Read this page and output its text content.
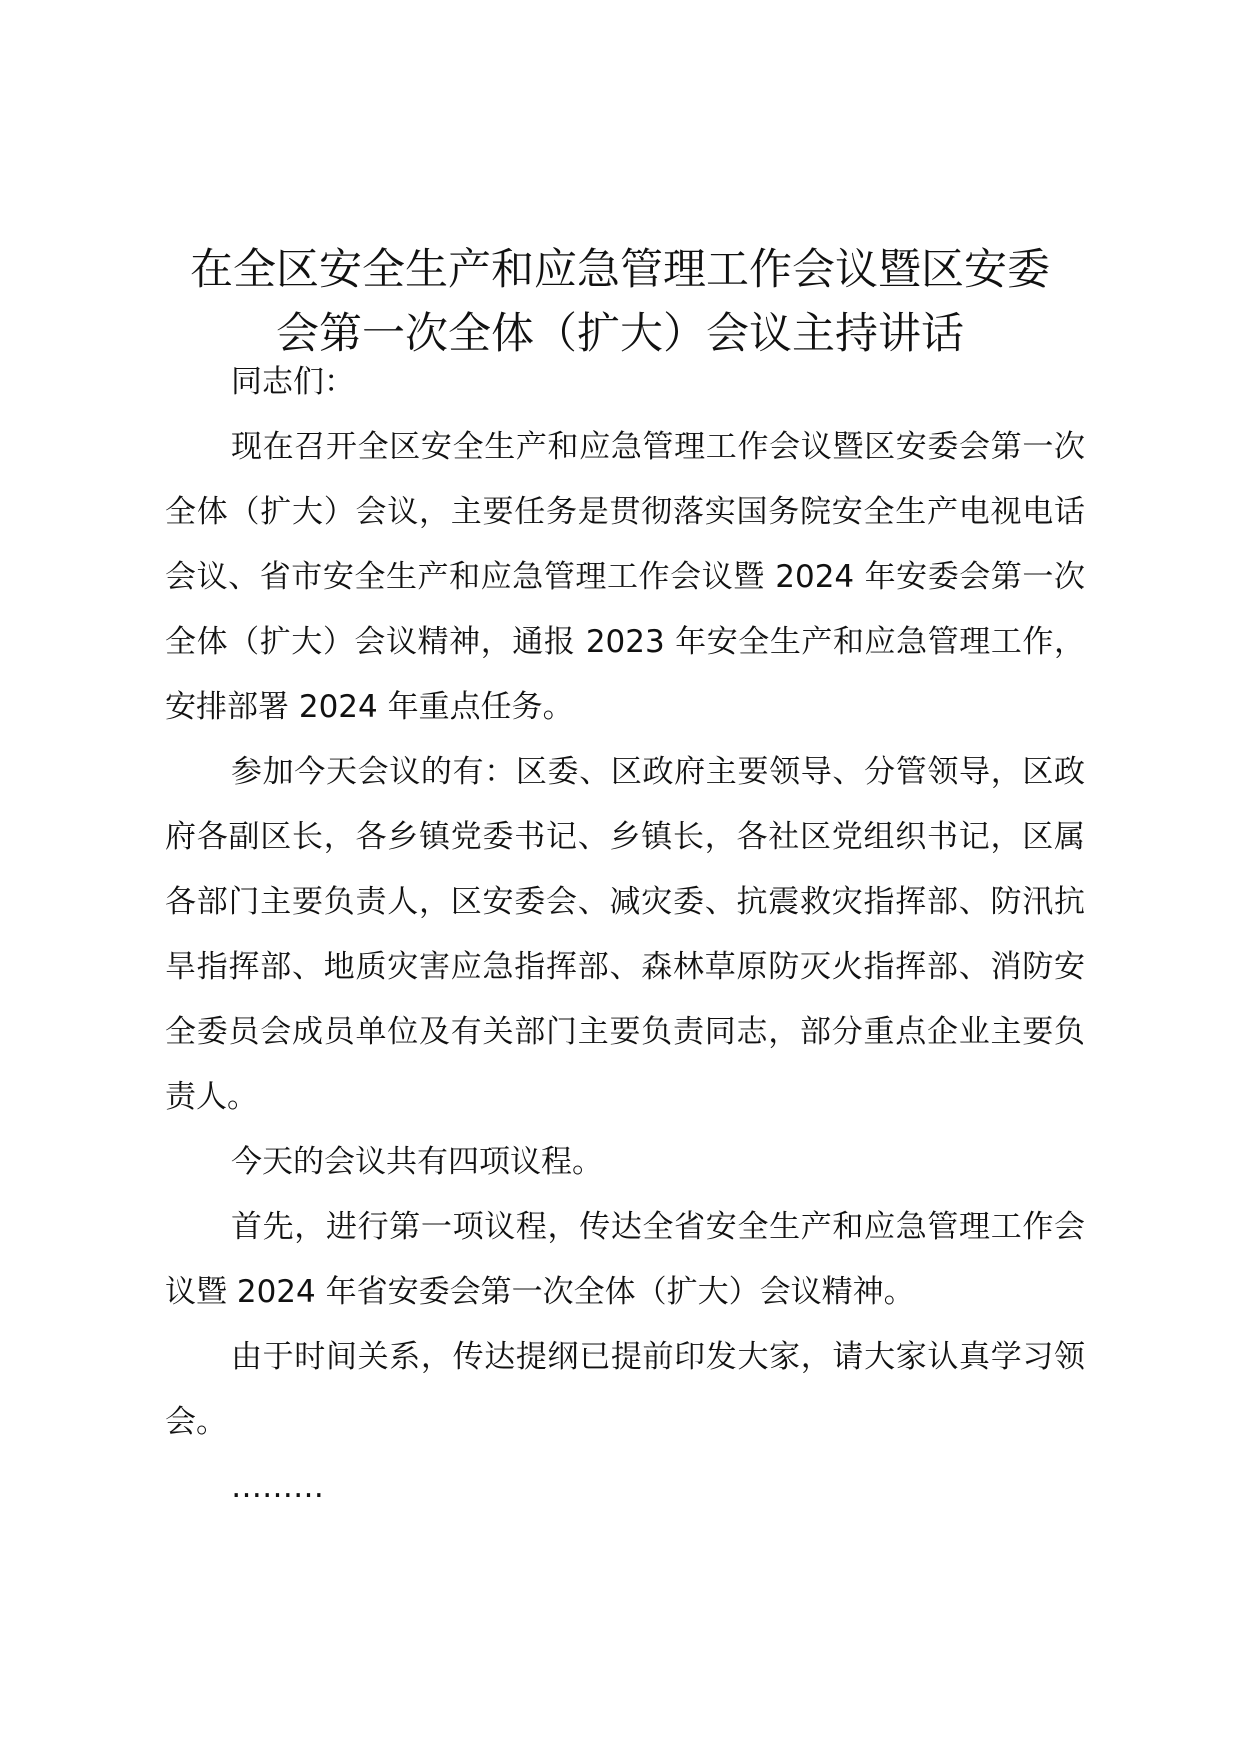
在全区安全生产和应急管理工作会议暨区安委
会第一次全体（扩大）会议主持讲话

同志们：

现在召开全区安全生产和应急管理工作会议暨区安委会第一次全体（扩大）会议，主要任务是贯彻落实国务院安全生产电视电话会议、省市安全生产和应急管理工作会议暨 2024 年安委会第一次全体（扩大）会议精神，通报 2023 年安全生产和应急管理工作，安排部署 2024 年重点任务。

参加今天会议的有：区委、区政府主要领导、分管领导，区政府各副区长，各乡镇党委书记、乡镇长，各社区党组织书记，区属各部门主要负责人，区安委会、减灾委、抗震救灾指挥部、防汛抗旱指挥部、地质灾害应急指挥部、森林草原防灭火指挥部、消防安全委员会成员单位及有关部门主要负责同志，部分重点企业主要负责人。

今天的会议共有四项议程。

首先，进行第一项议程，传达全省安全生产和应急管理工作会议暨 2024 年省安委会第一次全体（扩大）会议精神。

由于时间关系，传达提纲已提前印发大家，请大家认真学习领会。

………
